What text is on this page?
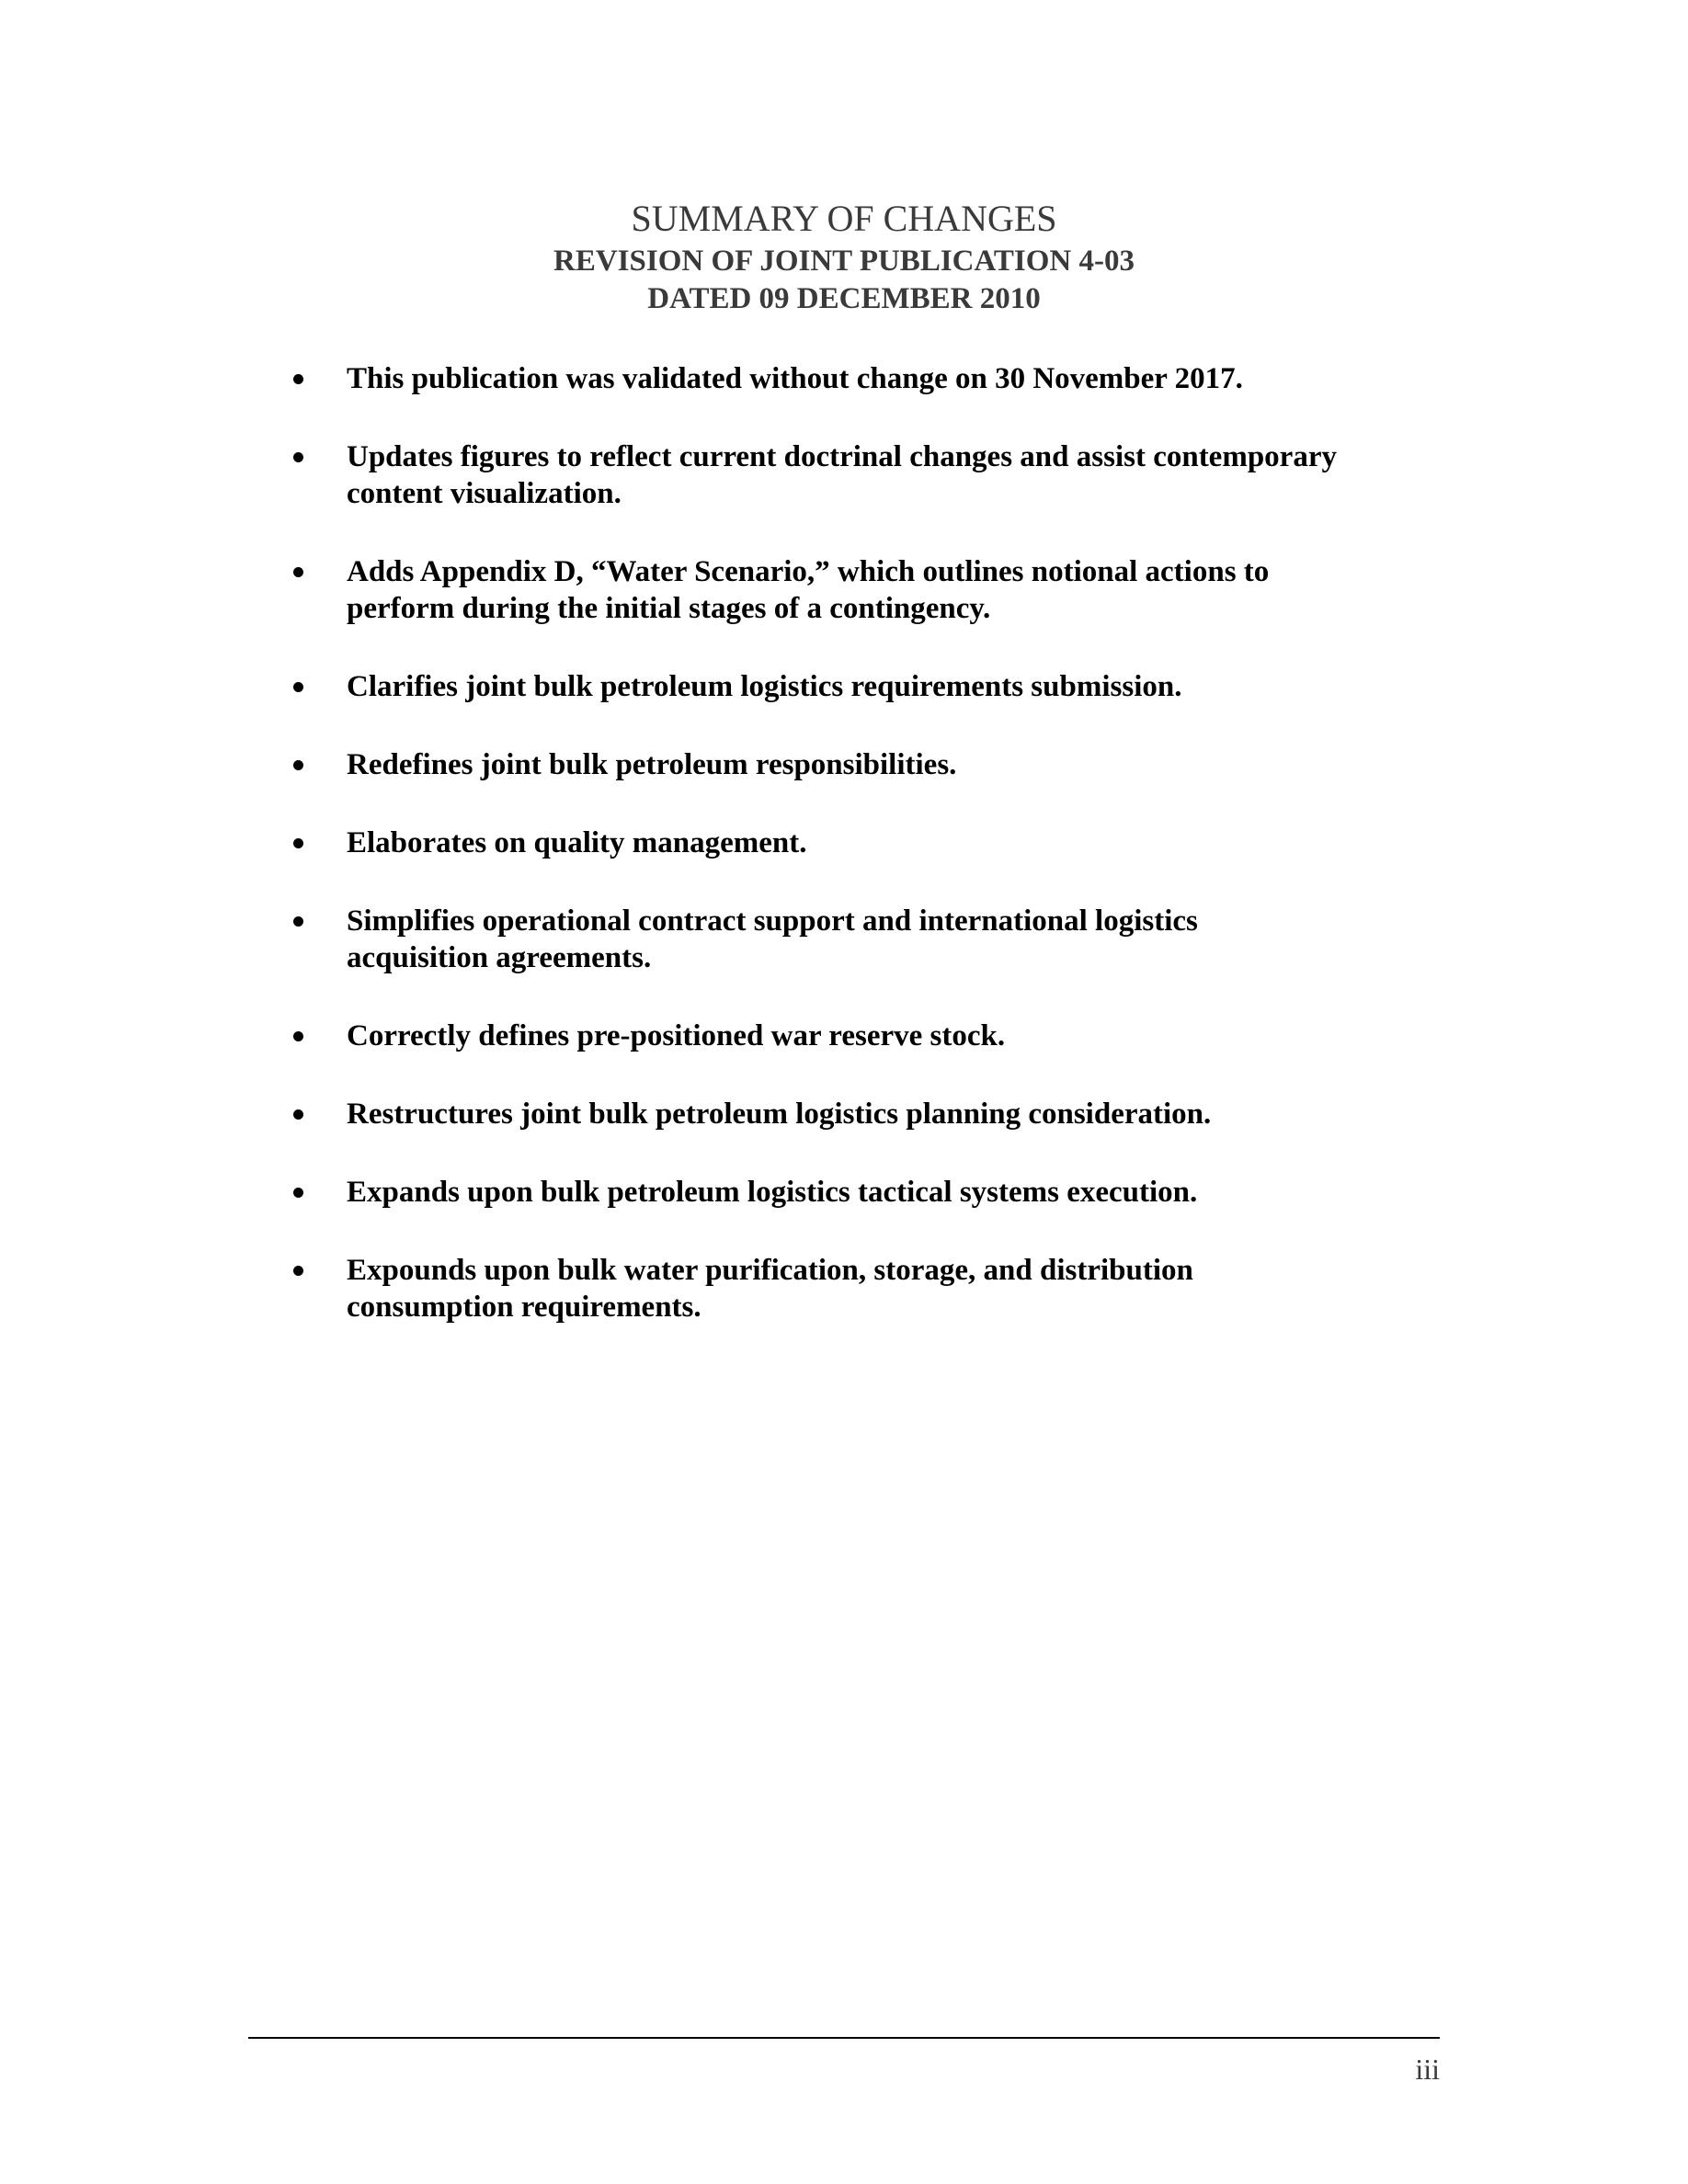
SUMMARY OF CHANGES
REVISION OF JOINT PUBLICATION 4-03
DATED 09 DECEMBER 2010
This publication was validated without change on 30 November 2017.
Updates figures to reflect current doctrinal changes and assist contemporary
content visualization.
Adds Appendix D, “Water Scenario,” which outlines notional actions to
perform during the initial stages of a contingency.
Clarifies joint bulk petroleum logistics requirements submission.
Redefines joint bulk petroleum responsibilities.
Elaborates on quality management.
Simplifies operational contract support and international logistics
acquisition agreements.
Correctly defines pre-positioned war reserve stock.
Restructures joint bulk petroleum logistics planning consideration.
Expands upon bulk petroleum logistics tactical systems execution.
Expounds upon bulk water purification, storage, and distribution
consumption requirements.
iii
